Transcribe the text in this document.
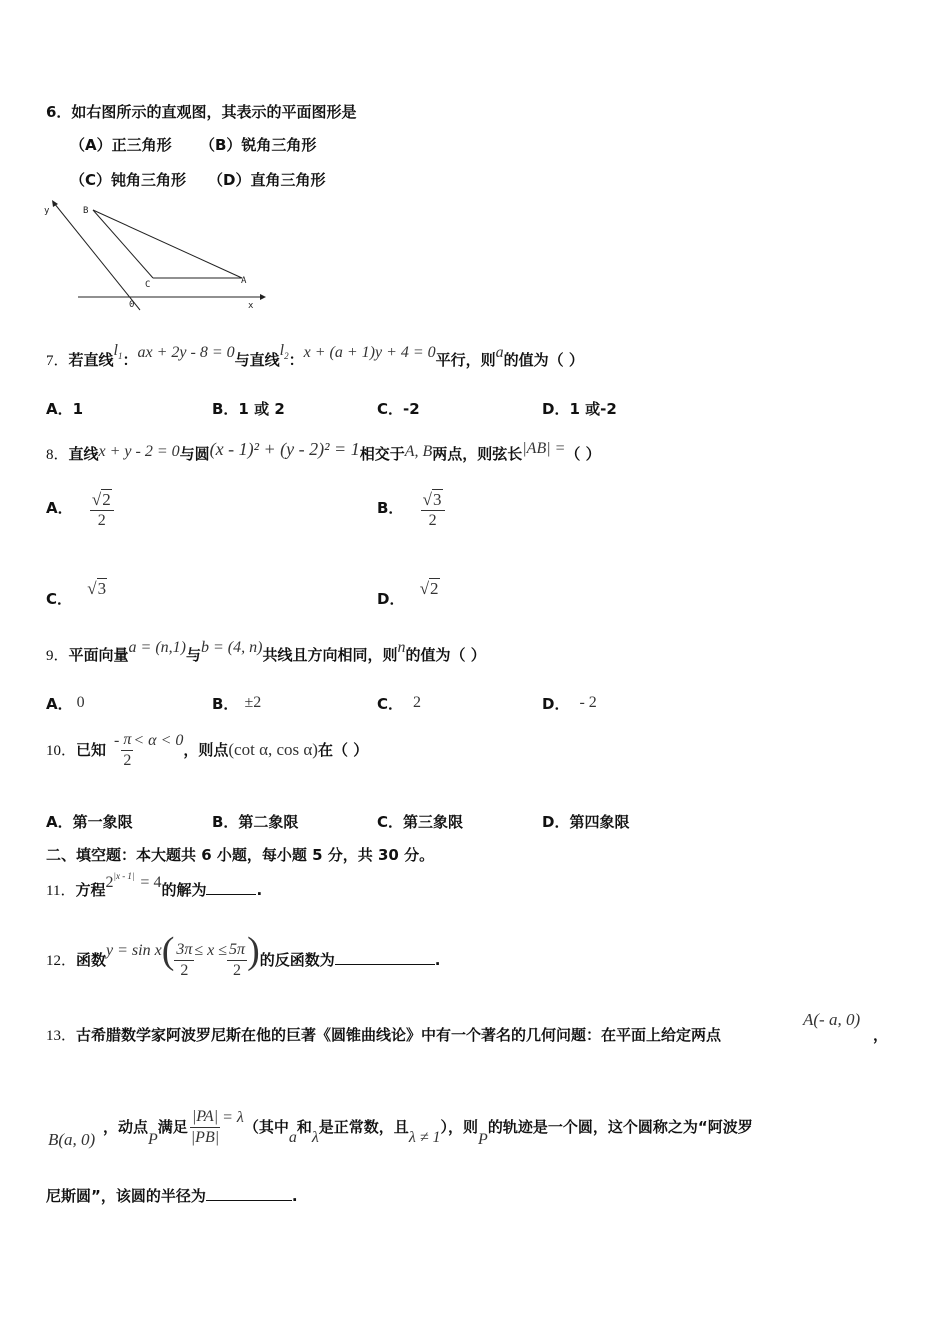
6．如右图所示的直观图，其表示的平面图形是
（A）正三角形 （B）锐角三角形
（C）钝角三角形 （D）直角三角形
y
x
0
A
B
C
7．若直线$l_1$：ax + 2y - 8 = 0与直线$l_2$：x + (a + 1)y + 4 = 0平行，则a的值为（ ）
A．1	B．1 或 2	C．-2	D．1 或-2
8．直线x + y - 2 = 0与圆(x - 1)² + (y - 2)² = 1相交于A, B两点，则弦长|AB| =（ ）
A． $\frac{√2}{2}$	B． $\frac{√3}{2}$
C． √3
D． √2
9．平面向量a = (n,1)与b = (4, n)共线且方向相同，则n的值为（ ）
A． 0	B． ±2	C． 2	D． - 2
10．已知- $\frac{\pi}{2} < \alpha < 0$，则点(cot α, cos α)在（ ）
A．第一象限	B．第二象限	C．第三象限	D．第四象限
二、填空题：本大题共 6 小题，每小题 5 分，共 30 分。
11．方程$2^{|x - 1|} = 4$的解为	.
12．函数$y = \sin x( \frac{3\pi}{2} \le x \le \frac{5\pi}{2}$ )的反函数为	.
13．古希腊数学家阿波罗尼斯在他的巨著《圆锥曲线论》中有一个著名的几何问题：在平面上给定两点
A(- a, 0)
，
B(a, 0)
，动点P满足 $\frac{|PA|}{|PB|} = \lambda$（其中a和λ是正常数，且λ ≠ 1），则P的轨迹是一个圆，这个圆称之为“阿波罗
尼斯圆”，该圆的半径为	.
